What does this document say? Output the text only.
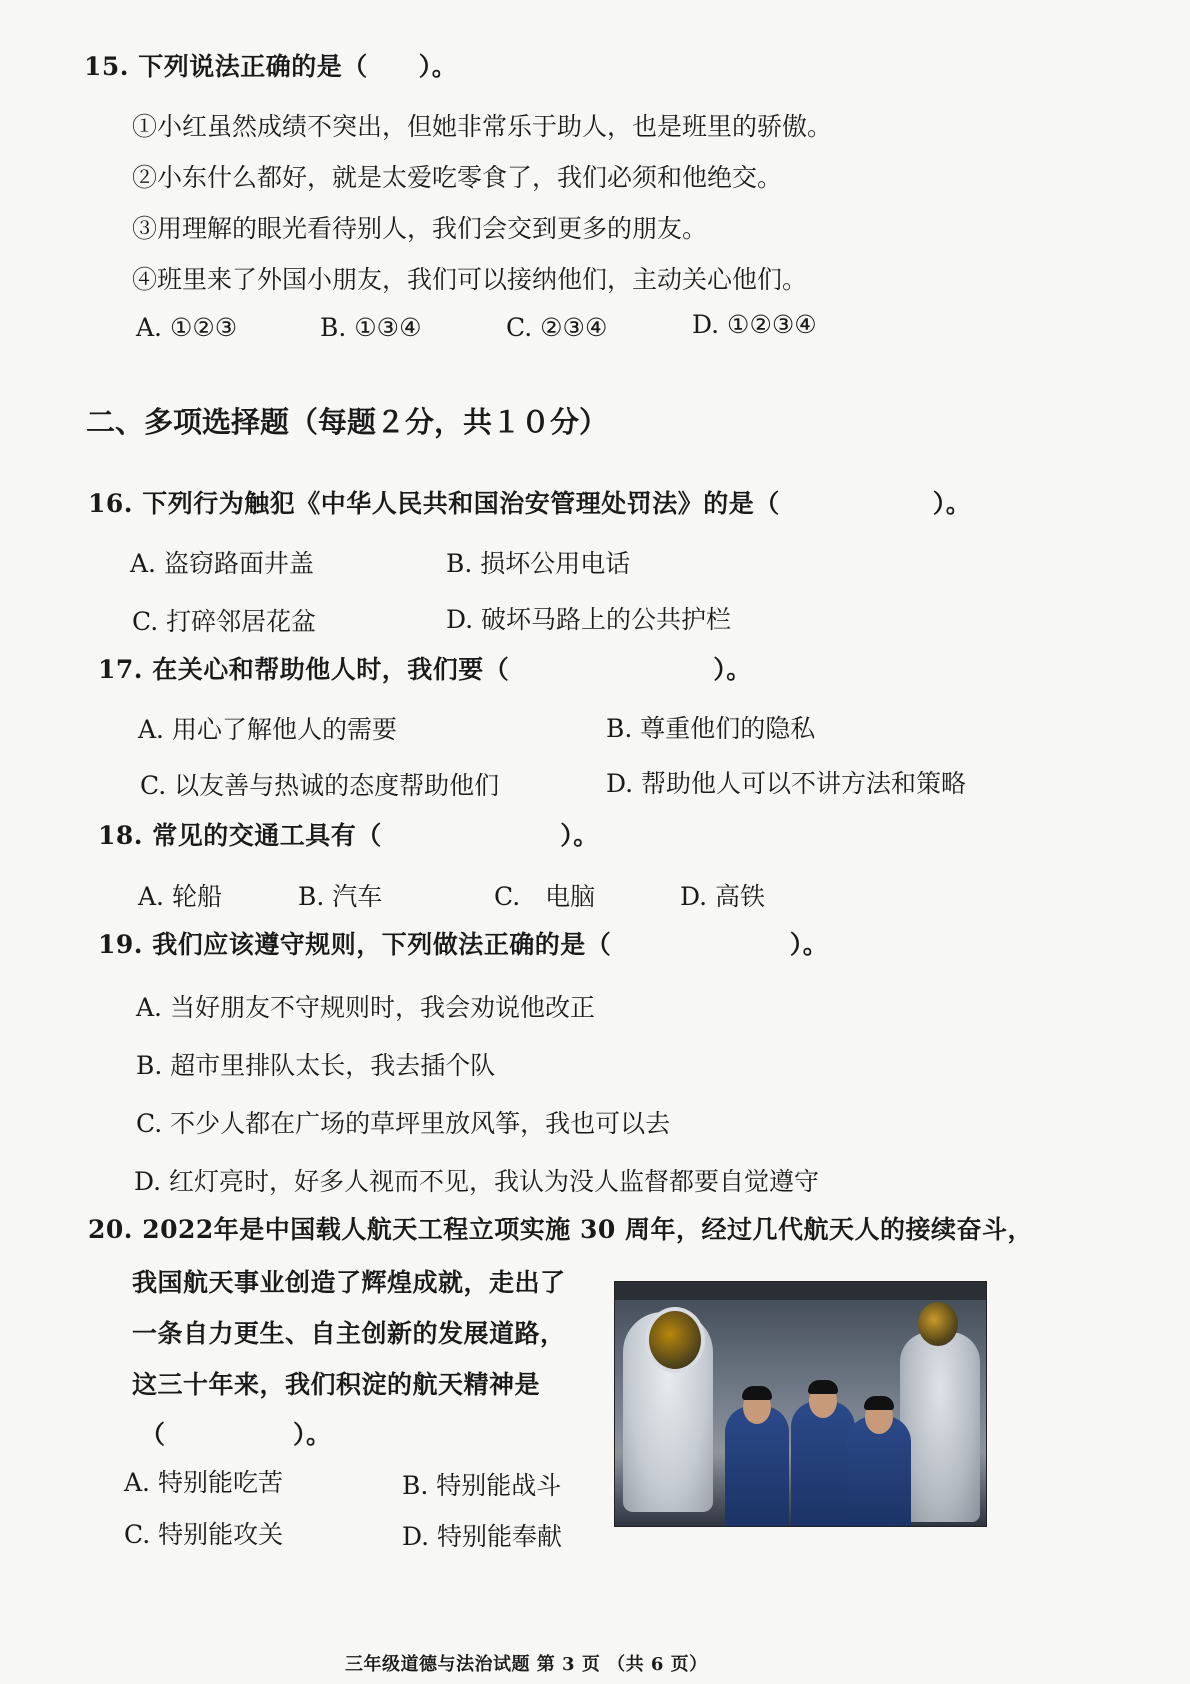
15. 下列说法正确的是（　　）。
①小红虽然成绩不突出，但她非常乐于助人，也是班里的骄傲。
②小东什么都好，就是太爱吃零食了，我们必须和他绝交。
③用理解的眼光看待别人，我们会交到更多的朋友。
④班里来了外国小朋友，我们可以接纳他们，主动关心他们。
A. ①②③	B. ①③④	C. ②③④	D. ①②③④
二、多项选择题（每题２分，共１０分）
16. 下列行为触犯《中华人民共和国治安管理处罚法》的是（　　　　　　）。
A. 盗窃路面井盖	B. 损坏公用电话
C. 打碎邻居花盆	D. 破坏马路上的公共护栏
17. 在关心和帮助他人时，我们要（　　　　　　　　）。
A. 用心了解他人的需要	B. 尊重他们的隐私
C. 以友善与热诚的态度帮助他们	D. 帮助他人可以不讲方法和策略
18. 常见的交通工具有（　　　　　　　）。
A. 轮船	B. 汽车	C.　电脑	D. 高铁
19. 我们应该遵守规则，下列做法正确的是（　　　　　　　）。
A. 当好朋友不守规则时，我会劝说他改正
B. 超市里排队太长，我去插个队
C. 不少人都在广场的草坪里放风筝，我也可以去
D. 红灯亮时，好多人视而不见，我认为没人监督都要自觉遵守
20. 2022年是中国载人航天工程立项实施 30 周年，经过几代航天人的接续奋斗，
我国航天事业创造了辉煌成就，走出了
一条自力更生、自主创新的发展道路，
这三十年来，我们积淀的航天精神是
（　　　　　）。
A. 特别能吃苦	B. 特别能战斗
C. 特别能攻关	D. 特别能奉献
三年级道德与法治试题 第 3 页 （共 6 页）
